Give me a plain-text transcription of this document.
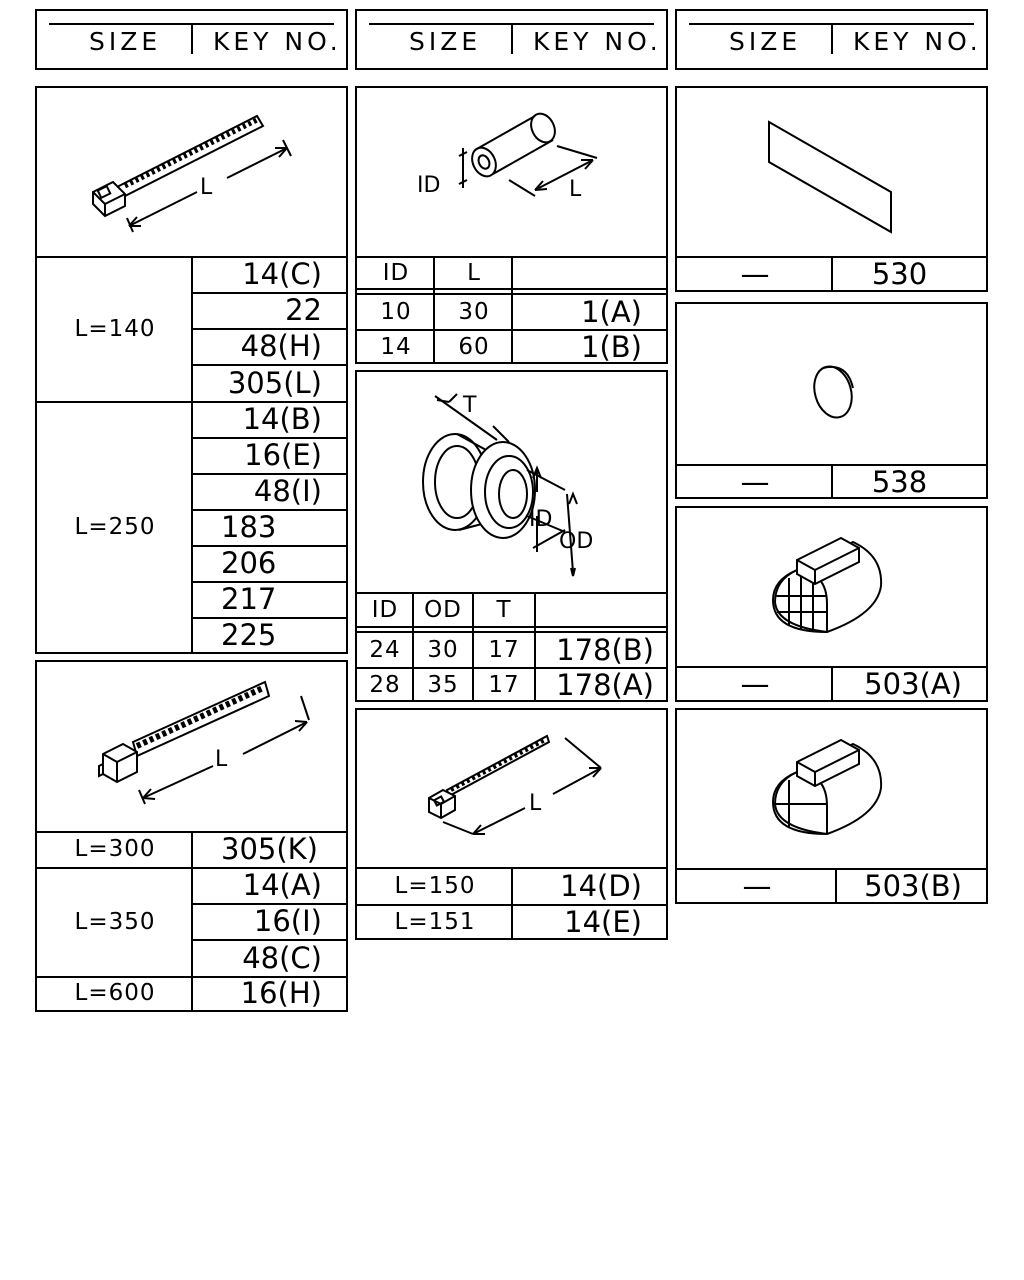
SIZE KEY NO.	SIZE KEY NO.	SIZE KEY NO.
L
L=140
14(C)
22
48(H)
305(L)
L=250
14(B)
16(E)
48(I)
183
206
217
225
L
L=300	305(K)
L=350
14(A)
16(I)
48(C)
L=600	16(H)
ID	L
ID	L
10	30	1(A)
14	60	1(B)
T
ID
OD
ID	OD	T
24	30	17	178(B)
28	35	17	178(A)
L
L=150	14(D)
L=151	14(E)
—	530
—	538
—	503(A)
—	503(B)
